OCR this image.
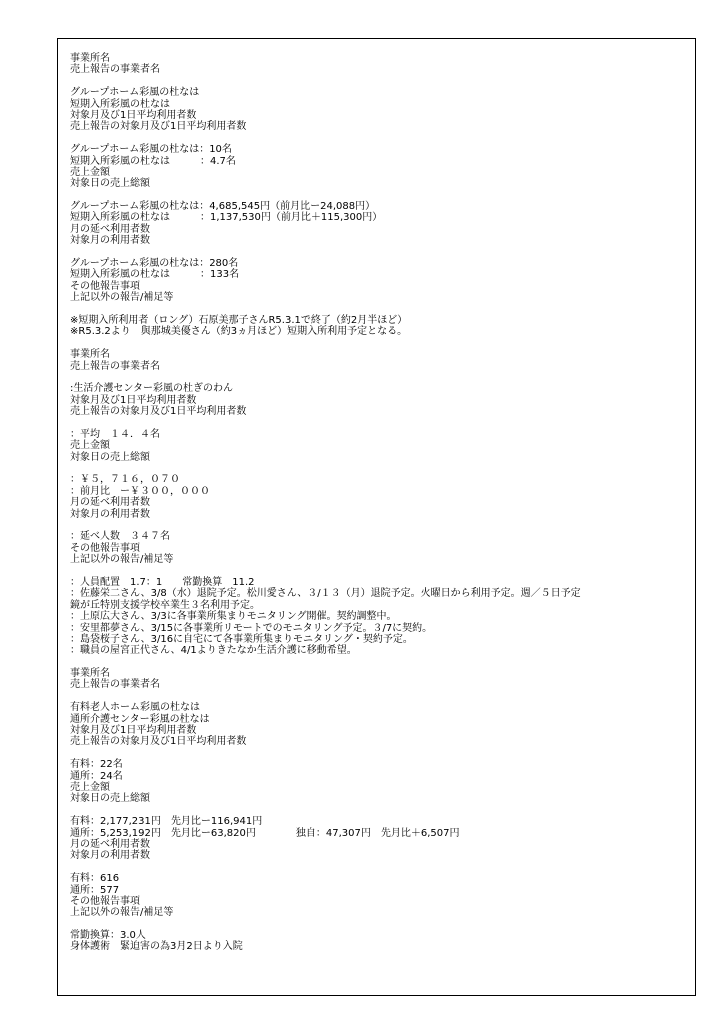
事業所名
売上報告の事業者名
グループホーム彩風の杜なは
短期入所彩風の杜なは
対象月及び1日平均利用者数
売上報告の対象月及び1日平均利用者数
グループホーム彩風の杜なは：10名
短期入所彩風の杜なは　　　：4.7名
売上金額
対象日の売上総額
グループホーム彩風の杜なは：4,685,545円（前月比ー24,088円）
短期入所彩風の杜なは　　　：1,137,530円（前月比＋115,300円）
月の延べ利用者数
対象月の利用者数
グループホーム彩風の杜なは：280名
短期入所彩風の杜なは　　　：133名
その他報告事項
上記以外の報告/補足等
※短期入所利用者（ロング）石原美那子さんR5.3.1で終了（約2月半ほど）
※R5.3.2より　與那城美優さん（約3ヵ月ほど）短期入所利用予定となる。
事業所名
売上報告の事業者名
:生活介護センター彩風の杜ぎのわん
対象月及び1日平均利用者数
売上報告の対象月及び1日平均利用者数
：平均　１４．４名
売上金額
対象日の売上総額
：￥５，７１６，０７０
：前月比　ー￥３００，０００
月の延べ利用者数
対象月の利用者数
：延べ人数　３４７名
その他報告事項
上記以外の報告/補足等
：人員配置　1.7：1　　常勤換算　11.2
：佐藤栄二さん、3/8（水）退院予定。松川愛さん、３/１３（月）退院予定。火曜日から利用予定。週／５日予定
鏡が丘特別支援学校卒業生３名利用予定。
：上原広大さん、3/3に各事業所集まりモニタリング開催。契約調整中。
：安里都夢さん、3/15に各事業所リモートでのモニタリング予定。３/7に契約。
：島袋桜子さん、3/16に自宅にて各事業所集まりモニタリング・契約予定。
：職員の屋宮正代さん、4/1よりきたなか生活介護に移動希望。
事業所名
売上報告の事業者名
有料老人ホーム彩風の杜なは
通所介護センター彩風の杜なは
対象月及び1日平均利用者数
売上報告の対象月及び1日平均利用者数
有料：22名
通所：24名
売上金額
対象日の売上総額
有料：2,177,231円　先月比ー116,941円
通所：5,253,192円　先月比ー63,820円　　　　独自：47,307円　先月比＋6,507円
月の延べ利用者数
対象月の利用者数
有料：616
通所：577
その他報告事項
上記以外の報告/補足等
常勤換算：3.0人
身体護術　緊迫害の為3月2日より入院
